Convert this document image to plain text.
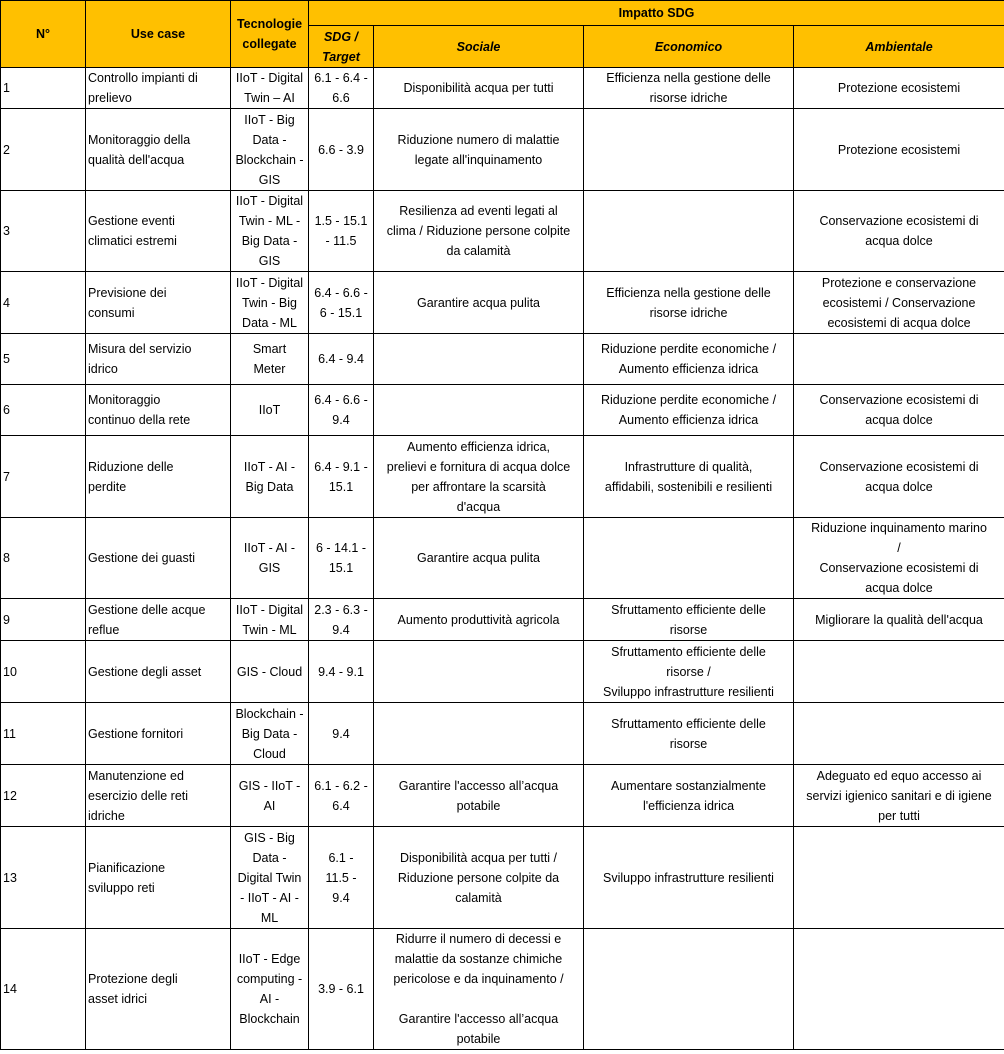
N°	Use case	Tecnologie
collegate	Impatto SDG			

			SDG /
Target	Sociale	Economico	Ambientale
1	Controllo impianti di
prelievo	IIoT - Digital
Twin – AI	6.1 - 6.4 -
6.6	Disponibilità acqua per tutti	Efficienza nella gestione delle
risorse idriche	Protezione ecosistemi

2	Monitoraggio della
qualità dell'acqua	IIoT - Big
Data -
Blockchain -
GIS	6.6 - 3.9	Riduzione numero di malattie
legate all'inquinamento		Protezione ecosistemi

3	Gestione eventi
climatici estremi	IIoT - Digital
Twin - ML -
Big Data -
GIS	1.5 - 15.1
- 11.5	Resilienza ad eventi legati al
clima / Riduzione persone colpite
da calamità		Conservazione ecosistemi di
acqua dolce

4	Previsione dei
consumi	IIoT - Digital
Twin - Big
Data - ML	6.4 - 6.6 -
6 - 15.1	Garantire acqua pulita	Efficienza nella gestione delle
risorse idriche	Protezione e conservazione
ecosistemi / Conservazione
ecosistemi di acqua dolce

5	Misura del servizio
idrico	Smart
Meter	6.4 - 9.4		Riduzione perdite economiche /
Aumento efficienza idrica	

6	Monitoraggio
continuo della rete	IIoT	6.4 - 6.6 -
9.4		Riduzione perdite economiche /
Aumento efficienza idrica	Conservazione ecosistemi di
acqua dolce

7	Riduzione delle
perdite	IIoT - AI -
Big Data	6.4 - 9.1 -
15.1	Aumento efficienza idrica,
prelievi e fornitura di acqua dolce
per affrontare la scarsità
d'acqua	Infrastrutture di qualità,
affidabili, sostenibili e resilienti	Conservazione ecosistemi di
acqua dolce

8	Gestione dei guasti	IIoT - AI -
GIS	6 - 14.1 -
15.1	Garantire acqua pulita		Riduzione inquinamento marino
/
Conservazione ecosistemi di
acqua dolce

9	Gestione delle acque
reflue	IIoT - Digital
Twin - ML	2.3 - 6.3 -
9.4	Aumento produttività agricola	Sfruttamento efficiente delle
risorse	Migliorare la qualità dell'acqua

10	Gestione degli asset	GIS - Cloud	9.4 - 9.1		Sfruttamento efficiente delle
risorse /
Sviluppo infrastrutture resilienti	

11	Gestione fornitori	Blockchain -
Big Data -
Cloud	9.4		Sfruttamento efficiente delle
risorse	

12	Manutenzione ed
esercizio delle reti
idriche	GIS - IIoT -
AI	6.1 - 6.2 -
6.4	Garantire l'accesso all’acqua
potabile	Aumentare sostanzialmente
l'efficienza idrica	Adeguato ed equo accesso ai
servizi igienico sanitari e di igiene
per tutti

13	Pianificazione
sviluppo reti	GIS - Big
Data -
Digital Twin
- IIoT - AI -
ML	6.1 -
11.5 -
9.4	Disponibilità acqua per tutti /
Riduzione persone colpite da
calamità	Sviluppo infrastrutture resilienti	

14	Protezione degli
asset idrici	IIoT - Edge
computing -
AI -
Blockchain	3.9 - 6.1	Ridurre il numero di decessi e
malattie da sostanze chimiche
pericolose e da inquinamento /
Garantire l'accesso all’acqua
potabile		
